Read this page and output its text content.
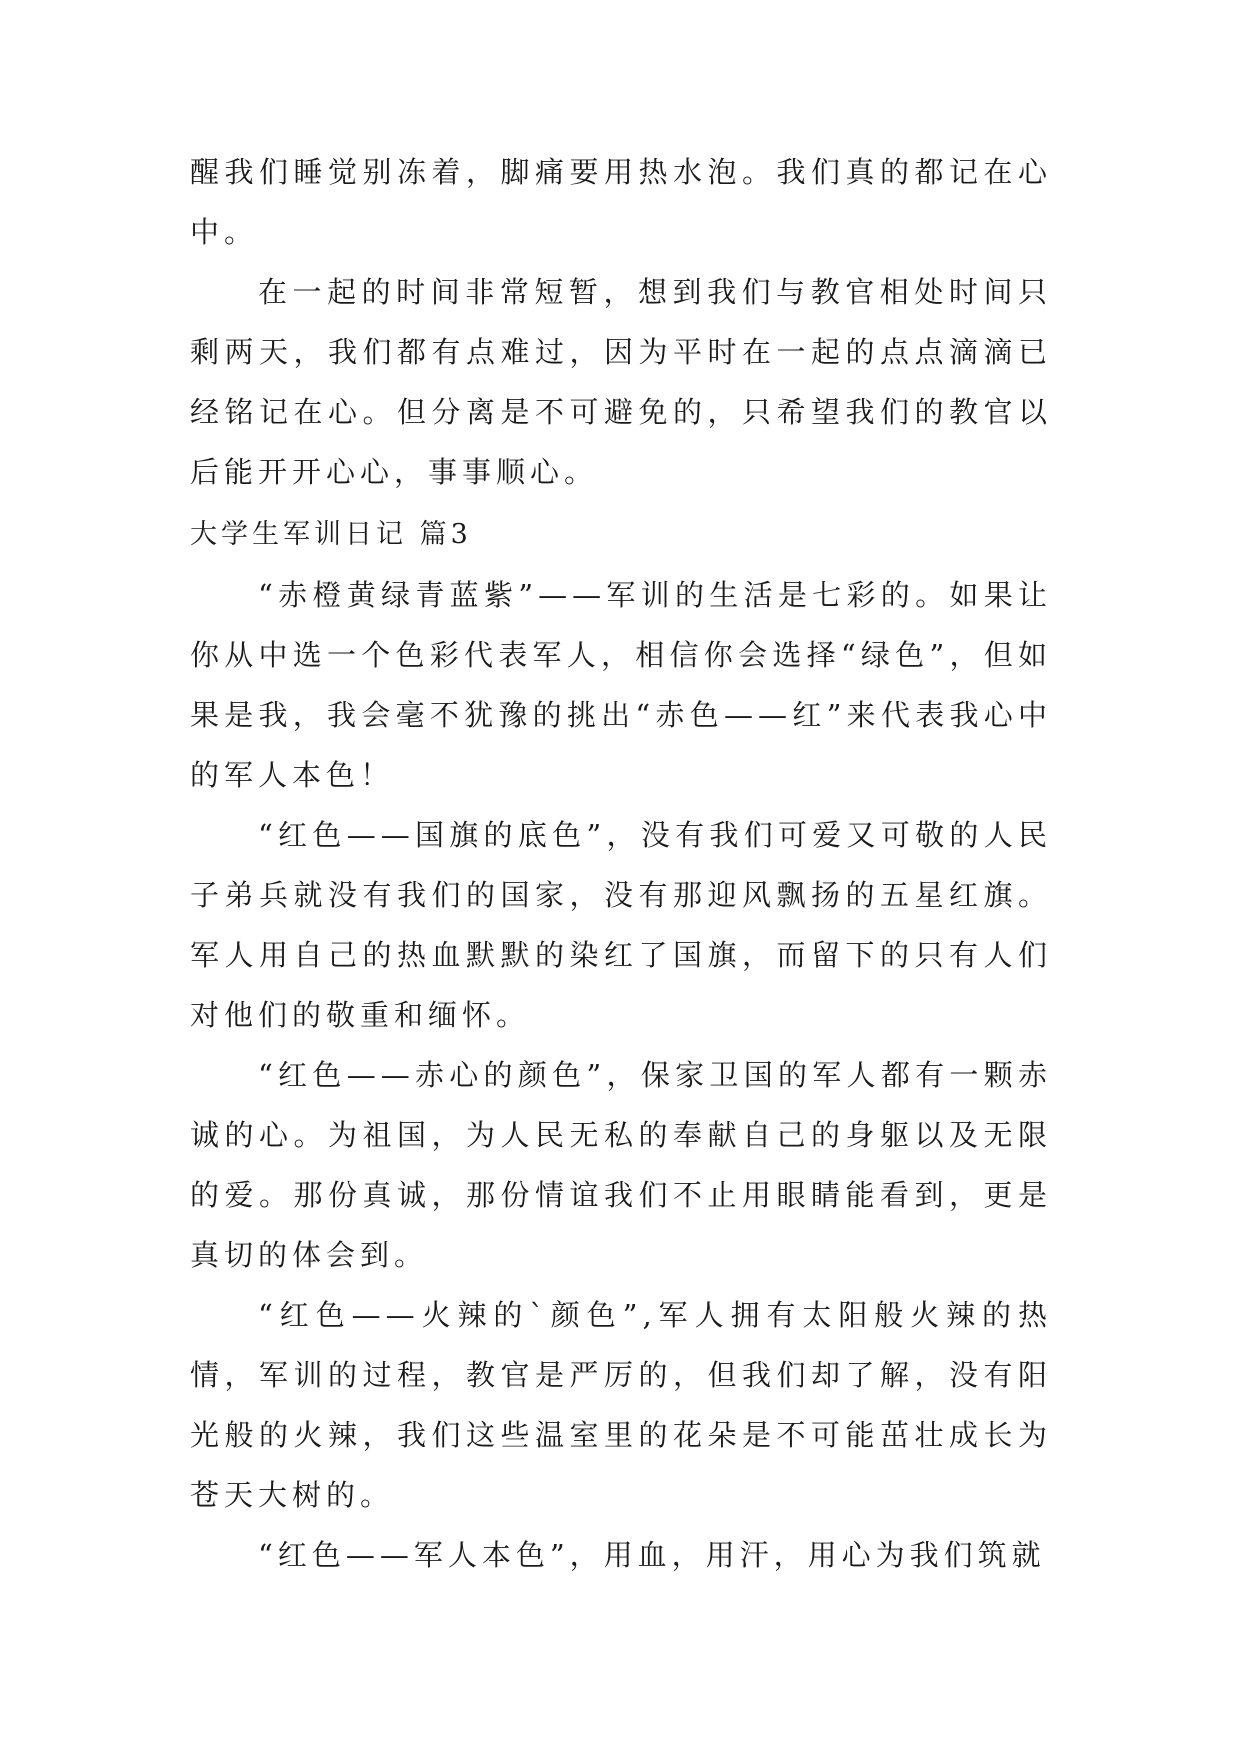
醒我们睡觉别冻着，脚痛要用热水泡。我们真的都记在心中。

在一起的时间非常短暂，想到我们与教官相处时间只剩两天，我们都有点难过，因为平时在一起的点点滴滴已经铭记在心。但分离是不可避免的，只希望我们的教官以后能开开心心，事事顺心。

大学生军训日记 篇3

“赤橙黄绿青蓝紫”——军训的生活是七彩的。如果让你从中选一个色彩代表军人，相信你会选择“绿色”，但如果是我，我会毫不犹豫的挑出“赤色——红”来代表我心中的军人本色！

“红色——国旗的底色”，没有我们可爱又可敬的人民子弟兵就没有我们的国家，没有那迎风飘扬的五星红旗。军人用自己的热血默默的染红了国旗，而留下的只有人们对他们的敬重和缅怀。

“红色——赤心的颜色”，保家卫国的军人都有一颗赤诚的心。为祖国，为人民无私的奉献自己的身躯以及无限的爱。那份真诚，那份情谊我们不止用眼睛能看到，更是真切的体会到。

“红色——火辣的`颜色”,军人拥有太阳般火辣的热情，军训的过程，教官是严厉的，但我们却了解，没有阳光般的火辣，我们这些温室里的花朵是不可能茁壮成长为苍天大树的。

“红色——军人本色”，用血，用汗，用心为我们筑就
